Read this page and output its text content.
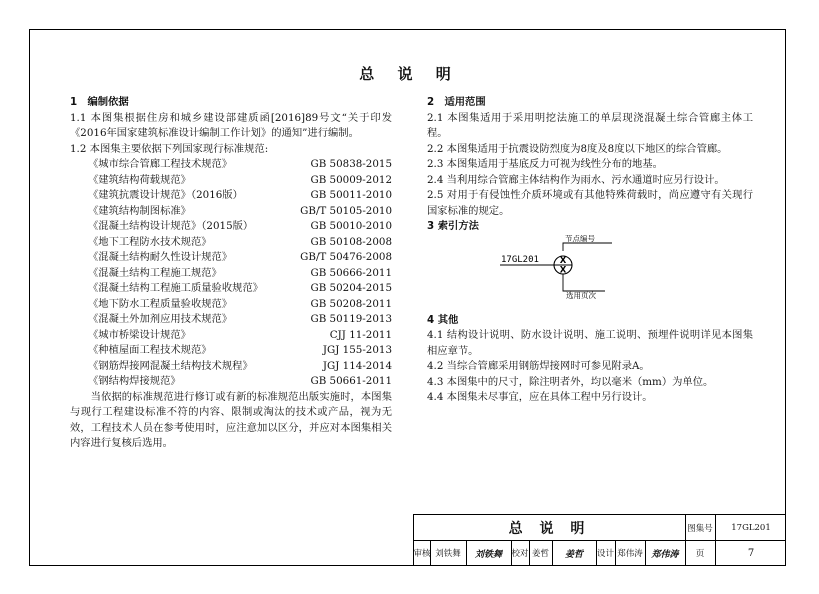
总 说 明
1　编制依据
1.1 本图集根据住房和城乡建设部建质函[2016]89号文“关于印发《2016年国家建筑标准设计编制工作计划》的通知”进行编制。
1.2 本图集主要依据下列国家现行标准规范:
《城市综合管廊工程技术规范》	GB 50838-2015
《建筑结构荷载规范》	GB 50009-2012
《建筑抗震设计规范》（2016版）	GB 50011-2010
《建筑结构制图标准》	GB/T 50105-2010
《混凝土结构设计规范》（2015版）	GB 50010-2010
《地下工程防水技术规范》	GB 50108-2008
《混凝土结构耐久性设计规范》	GB/T 50476-2008
《混凝土结构工程施工规范》	GB 50666-2011
《混凝土结构工程施工质量验收规范》	GB 50204-2015
《地下防水工程质量验收规范》	GB 50208-2011
《混凝土外加剂应用技术规范》	GB 50119-2013
《城市桥梁设计规范》	CJJ 11-2011
《种植屋面工程技术规范》	JGJ 155-2013
《钢筋焊接网混凝土结构技术规程》	JGJ 114-2014
《钢结构焊接规范》	GB 50661-2011
当依据的标准规范进行修订或有新的标准规范出版实施时，本图集与现行工程建设标准不符的内容、限制或淘汰的技术或产品，视为无效，工程技术人员在参考使用时，应注意加以区分，并应对本图集相关内容进行复核后选用。
2　适用范围
2.1 本图集适用于采用明挖法施工的单层现浇混凝土综合管廊主体工程。
2.2 本图集适用于抗震设防烈度为8度及8度以下地区的综合管廊。
2.3 本图集适用于基底反力可视为线性分布的地基。
2.4 当利用综合管廊主体结构作为雨水、污水通道时应另行设计。
2.5 对用于有侵蚀性介质环境或有其他特殊荷载时，尚应遵守有关现行国家标准的规定。
3 索引方法
节点编号
X
X
17GL201
选用页次
4 其他
4.1 结构设计说明、防水设计说明、施工说明、预埋件说明详见本图集相应章节。
4.2 当综合管廊采用钢筋焊接网时可参见附录A。
4.3 本图集中的尺寸，除注明者外，均以毫米（mm）为单位。
4.4 本图集未尽事宜，应在具体工程中另行设计。
总 说 明	图集号	17GL201
审核 刘铁舞	刘铁舞	校对 姜哲	姜哲	设计 郑伟涛 郑伟涛	页	7
